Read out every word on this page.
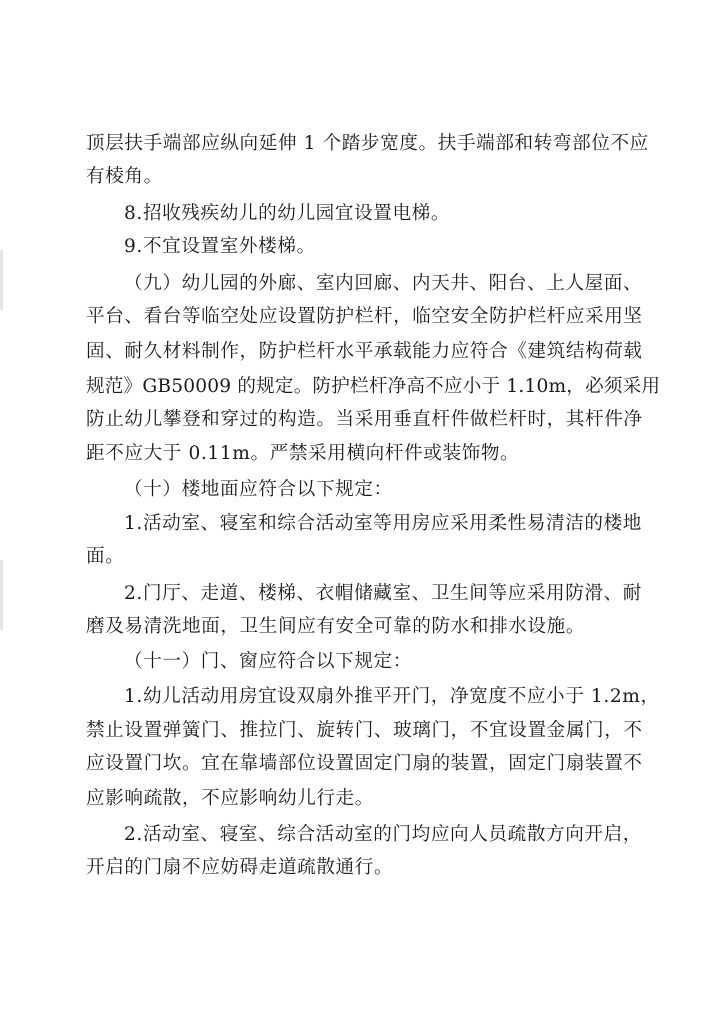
顶层扶手端部应纵向延伸 1 个踏步宽度。扶手端部和转弯部位不应
有棱角。
8.招收残疾幼儿的幼儿园宜设置电梯。
9.不宜设置室外楼梯。
（九）幼儿园的外廊、室内回廊、内天井、阳台、上人屋面、
平台、看台等临空处应设置防护栏杆，临空安全防护栏杆应采用坚
固、耐久材料制作，防护栏杆水平承载能力应符合《建筑结构荷载
规范》GB50009 的规定。防护栏杆净高不应小于 1.10m，必须采用
防止幼儿攀登和穿过的构造。当采用垂直杆件做栏杆时，其杆件净
距不应大于 0.11m。严禁采用横向杆件或装饰物。
（十）楼地面应符合以下规定：
1.活动室、寝室和综合活动室等用房应采用柔性易清洁的楼地
面。
2.门厅、走道、楼梯、衣帽储藏室、卫生间等应采用防滑、耐
磨及易清洗地面，卫生间应有安全可靠的防水和排水设施。
（十一）门、窗应符合以下规定：
1.幼儿活动用房宜设双扇外推平开门，净宽度不应小于 1.2m，
禁止设置弹簧门、推拉门、旋转门、玻璃门，不宜设置金属门，不
应设置门坎。宜在靠墙部位设置固定门扇的装置，固定门扇装置不
应影响疏散，不应影响幼儿行走。
2.活动室、寝室、综合活动室的门均应向人员疏散方向开启，
开启的门扇不应妨碍走道疏散通行。
